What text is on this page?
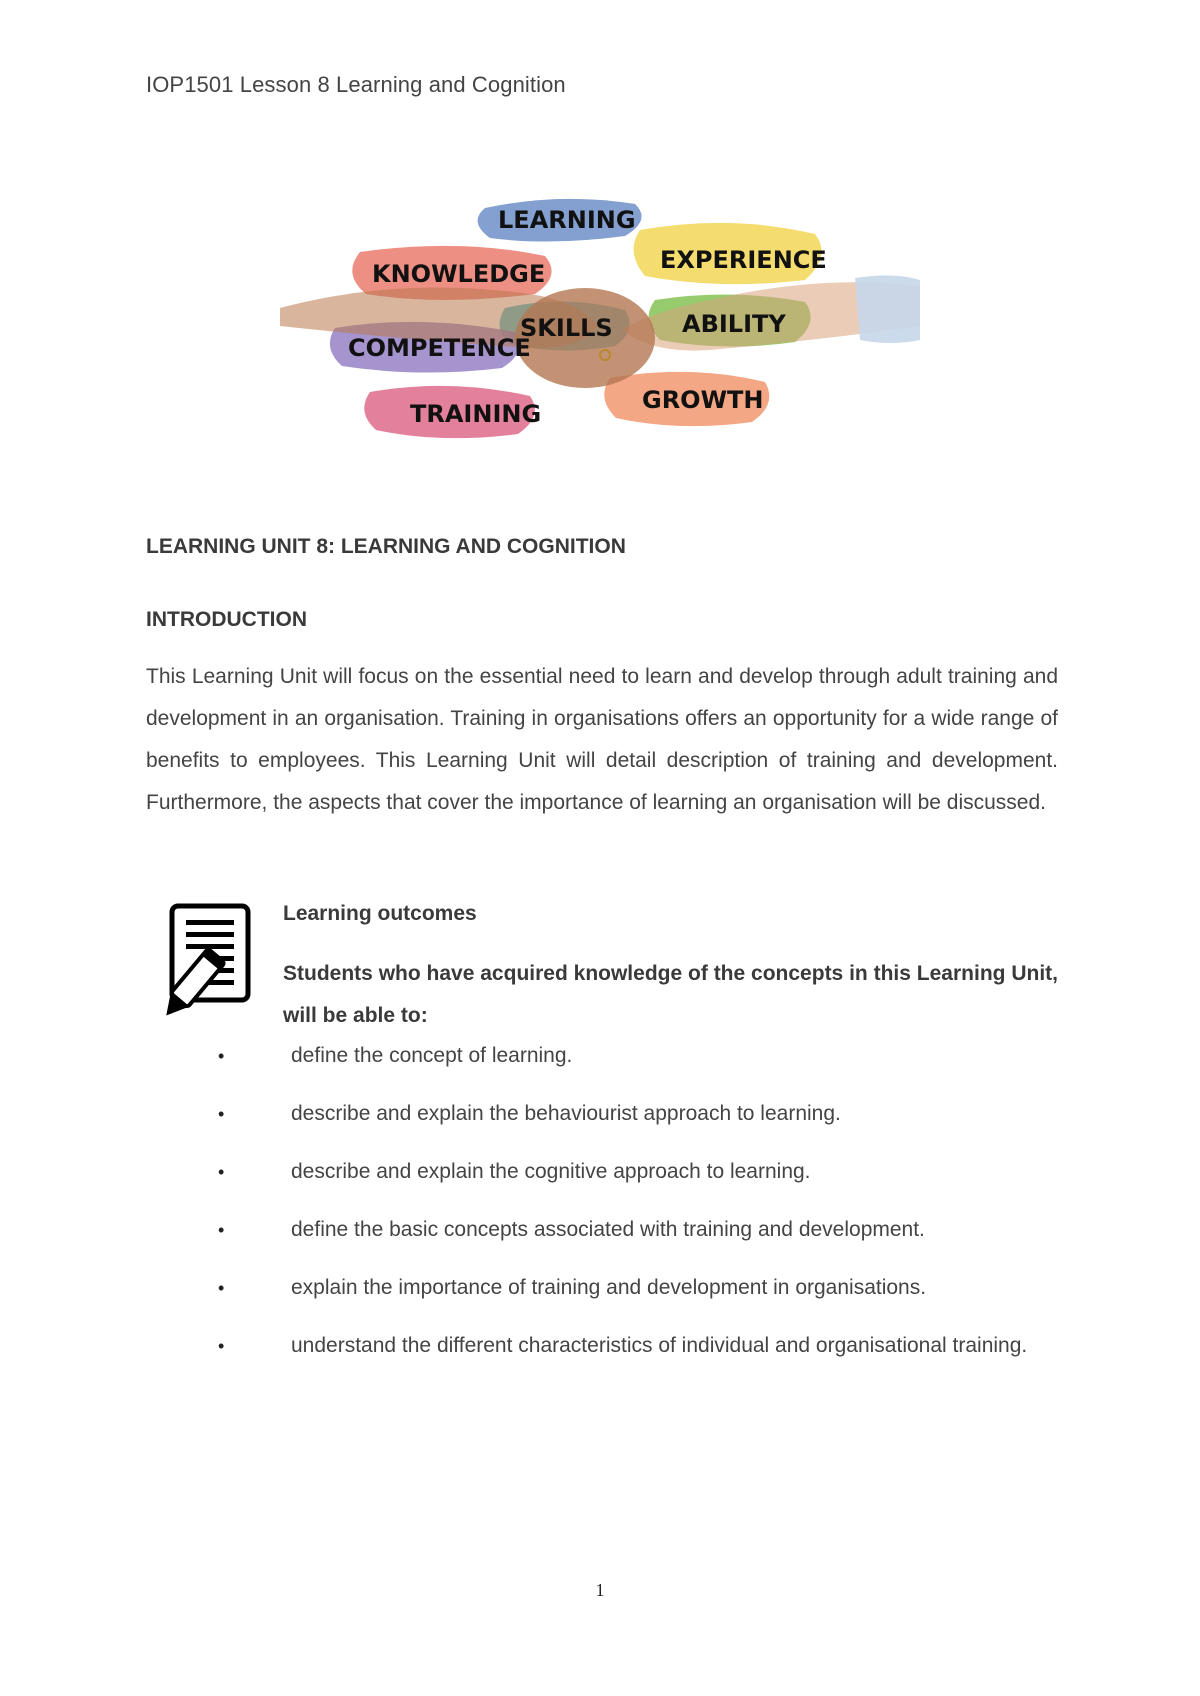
IOP1501 Lesson 8 Learning and Cognition
LEARNING
KNOWLEDGE	EXPERIENCE
SKILLS	ABILITY
COMPETENCE
TRAINING	GROWTH
LEARNING UNIT 8: LEARNING AND COGNITION
INTRODUCTION

This Learning Unit will focus on the essential need to learn and develop through adult training and development in an organisation. Training in organisations offers an opportunity for a wide range of benefits to employees. This Learning Unit will detail description of training and development. Furthermore, the aspects that cover the importance of learning an organisation will be discussed.

Learning outcomes

Students who have acquired knowledge of the concepts in this Learning Unit, will be able to:

•	define the concept of learning.
•	describe and explain the behaviourist approach to learning.
•	describe and explain the cognitive approach to learning.
•	define the basic concepts associated with training and development.
•	explain the importance of training and development in organisations.
•	understand the different characteristics of individual and organisational training.
1
